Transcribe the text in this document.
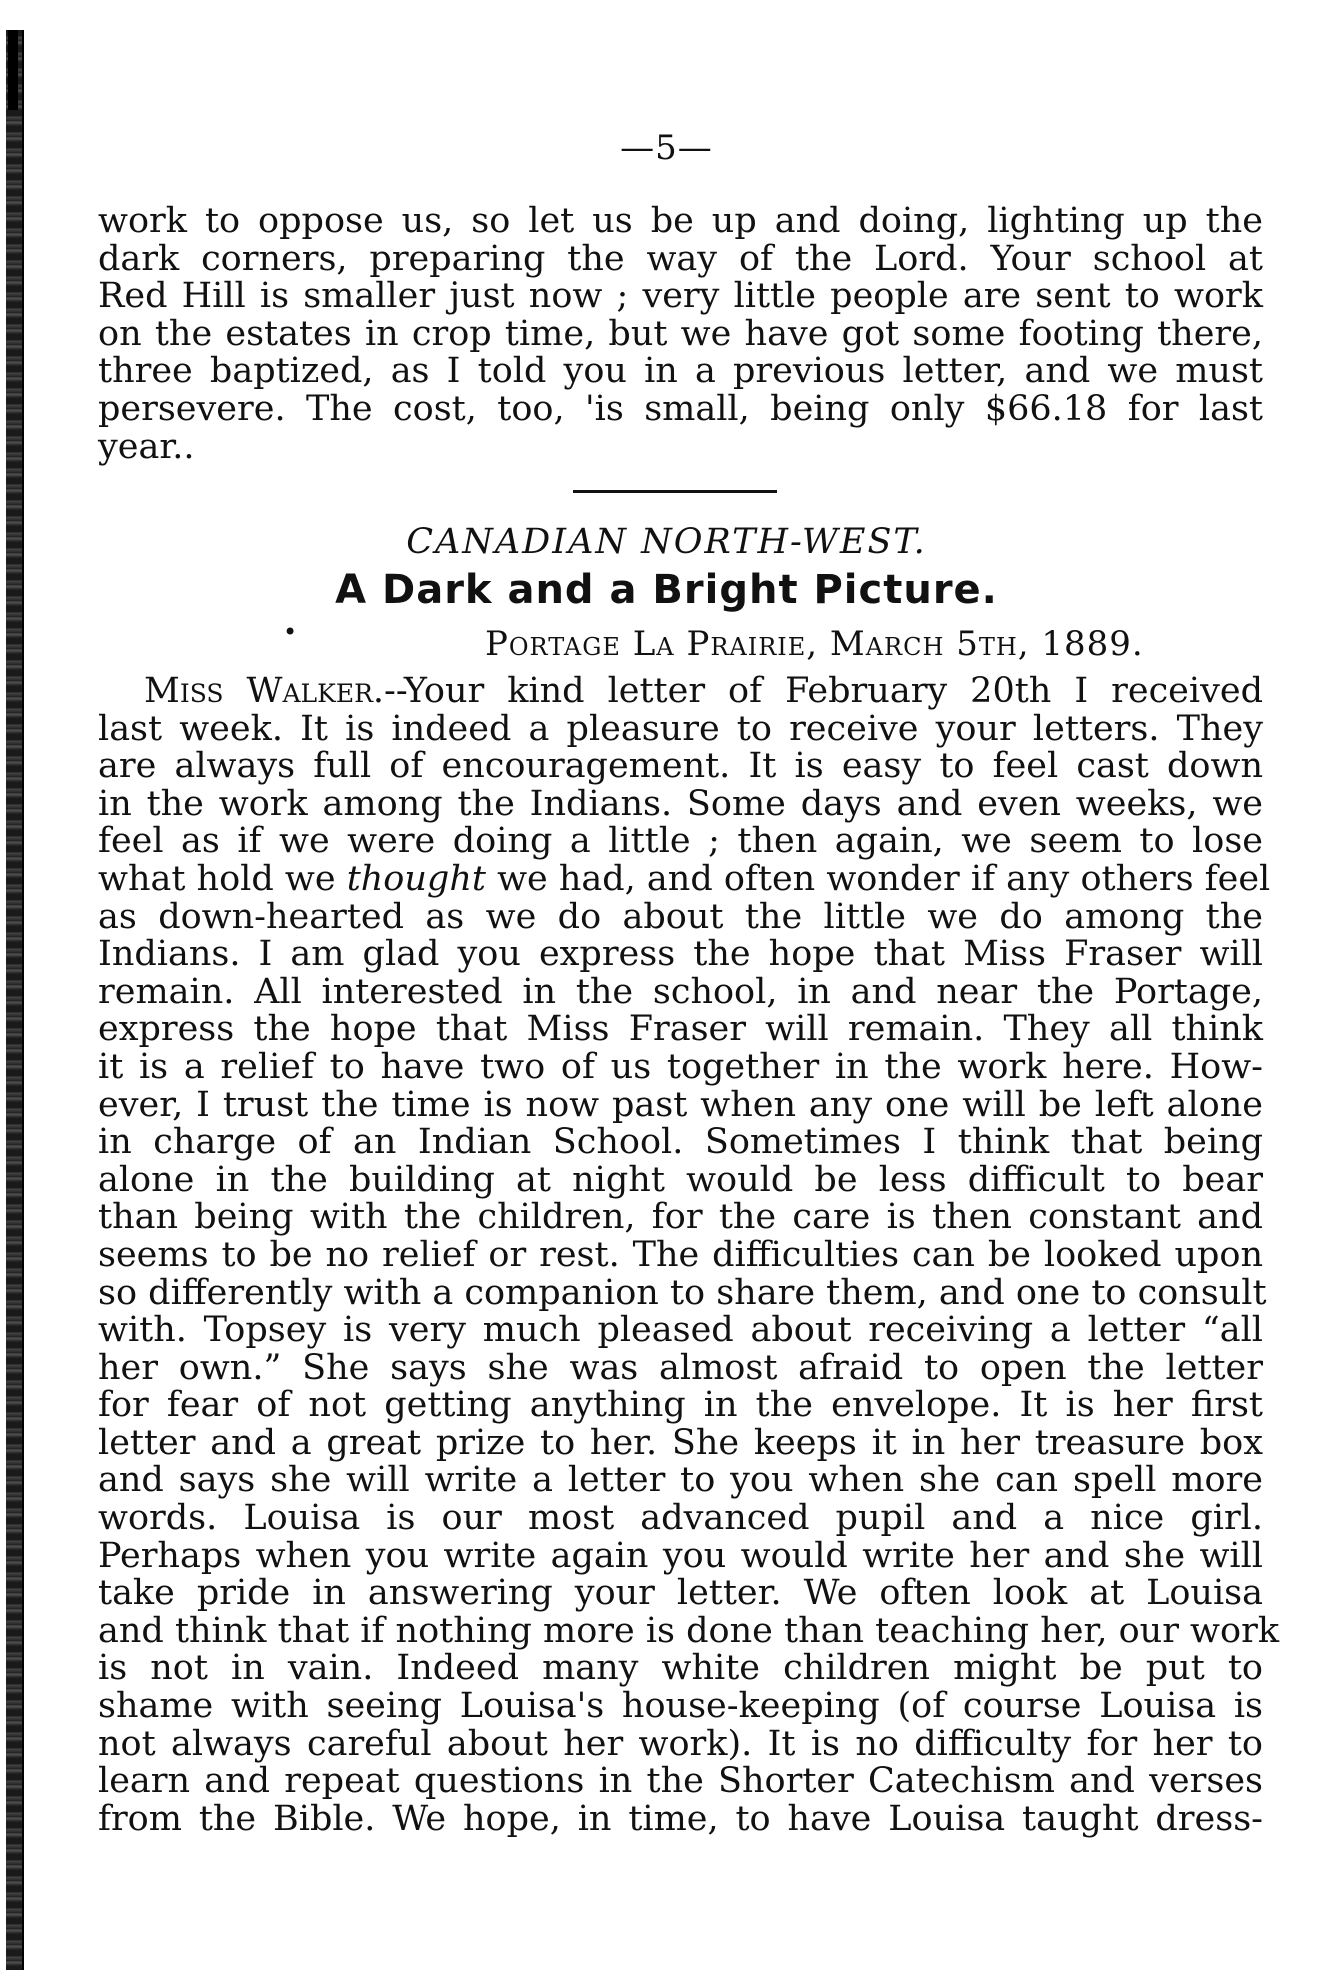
—5—
work to oppose us, so let us be up and doing, lighting up the
dark corners, preparing the way of the Lord. Your school at
Red Hill is smaller just now ; very little people are sent to work
on the estates in crop time, but we have got some footing there,
three baptized, as I told you in a previous letter, and we must
persevere. The cost, too, 'is small, being only $66.18 for last
year..
CANADIAN NORTH-WEST.
A Dark and a Bright Picture.
•	Portage La Prairie, March 5th, 1889.
Miss Walker.--Your kind letter of February 20th I received
last week. It is indeed a pleasure to receive your letters. They
are always full of encouragement. It is easy to feel cast down
in the work among the Indians. Some days and even weeks, we
feel as if we were doing a little ; then again, we seem to lose
what hold we thought we had, and often wonder if any others feel
as down-hearted as we do about the little we do among the
Indians. I am glad you express the hope that Miss Fraser will
remain. All interested in the school, in and near the Portage,
express the hope that Miss Fraser will remain. They all think
it is a relief to have two of us together in the work here. How-
ever, I trust the time is now past when any one will be left alone
in charge of an Indian School. Sometimes I think that being
alone in the building at night would be less difficult to bear
than being with the children, for the care is then constant and
seems to be no relief or rest. The difficulties can be looked upon
so differently with a companion to share them, and one to consult
with. Topsey is very much pleased about receiving a letter “all
her own.” She says she was almost afraid to open the letter
for fear of not getting anything in the envelope. It is her first
letter and a great prize to her. She keeps it in her treasure box
and says she will write a letter to you when she can spell more
words. Louisa is our most advanced pupil and a nice girl.
Perhaps when you write again you would write her and she will
take pride in answering your letter. We often look at Louisa
and think that if nothing more is done than teaching her, our work
is not in vain. Indeed many white children might be put to
shame with seeing Louisa's house-keeping (of course Louisa is
not always careful about her work). It is no difficulty for her to
learn and repeat questions in the Shorter Catechism and verses
from the Bible. We hope, in time, to have Louisa taught dress-
